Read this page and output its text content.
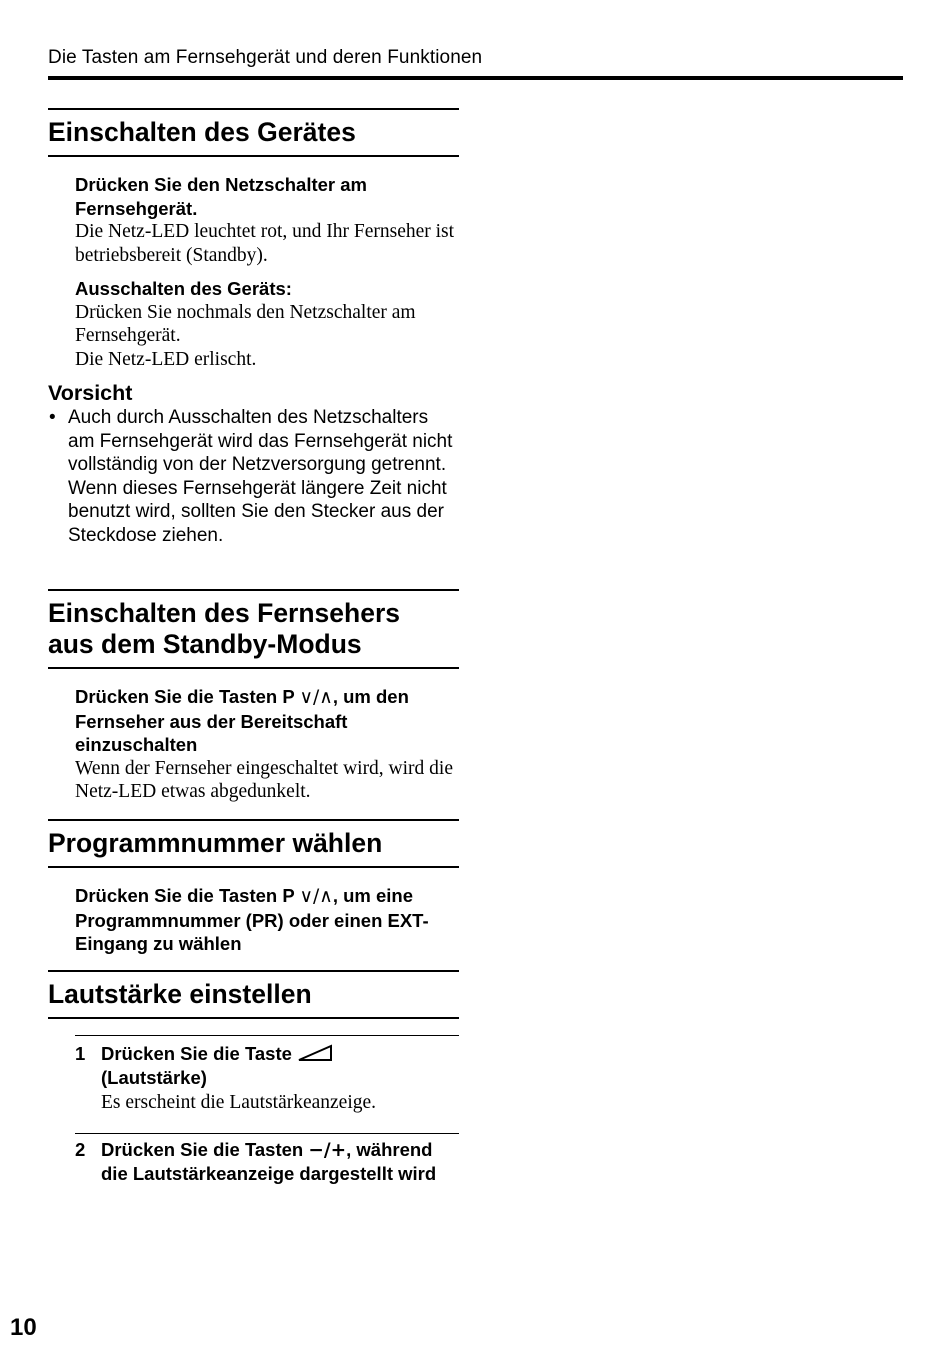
Die Tasten am Fernsehgerät und deren Funktionen
Einschalten des Gerätes
Drücken Sie den Netzschalter am Fernsehgerät.
Die Netz-LED leuchtet rot, und Ihr Fernseher ist betriebsbereit (Standby).
Ausschalten des Geräts:
Drücken Sie nochmals den Netzschalter am Fernsehgerät.
Die Netz-LED erlischt.
Vorsicht
• Auch durch Ausschalten des Netzschalters am Fernsehgerät wird das Fernsehgerät nicht vollständig von der Netzversorgung getrennt. Wenn dieses Fernsehgerät längere Zeit nicht benutzt wird, sollten Sie den Stecker aus der Steckdose ziehen.
Einschalten des Fernsehers
aus dem Standby-Modus
Drücken Sie die Tasten P ∨/∧, um den Fernseher aus der Bereitschaft einzuschalten
Wenn der Fernseher eingeschaltet wird, wird die Netz-LED etwas abgedunkelt.
Programmnummer wählen
Drücken Sie die Tasten P ∨/∧, um eine Programmnummer (PR) oder einen EXT-Eingang zu wählen
Lautstärke einstellen
1 Drücken Sie die Taste
(Lautstärke)
Es erscheint die Lautstärkeanzeige.
2 Drücken Sie die Tasten −/+, während die Lautstärkeanzeige dargestellt wird
10
